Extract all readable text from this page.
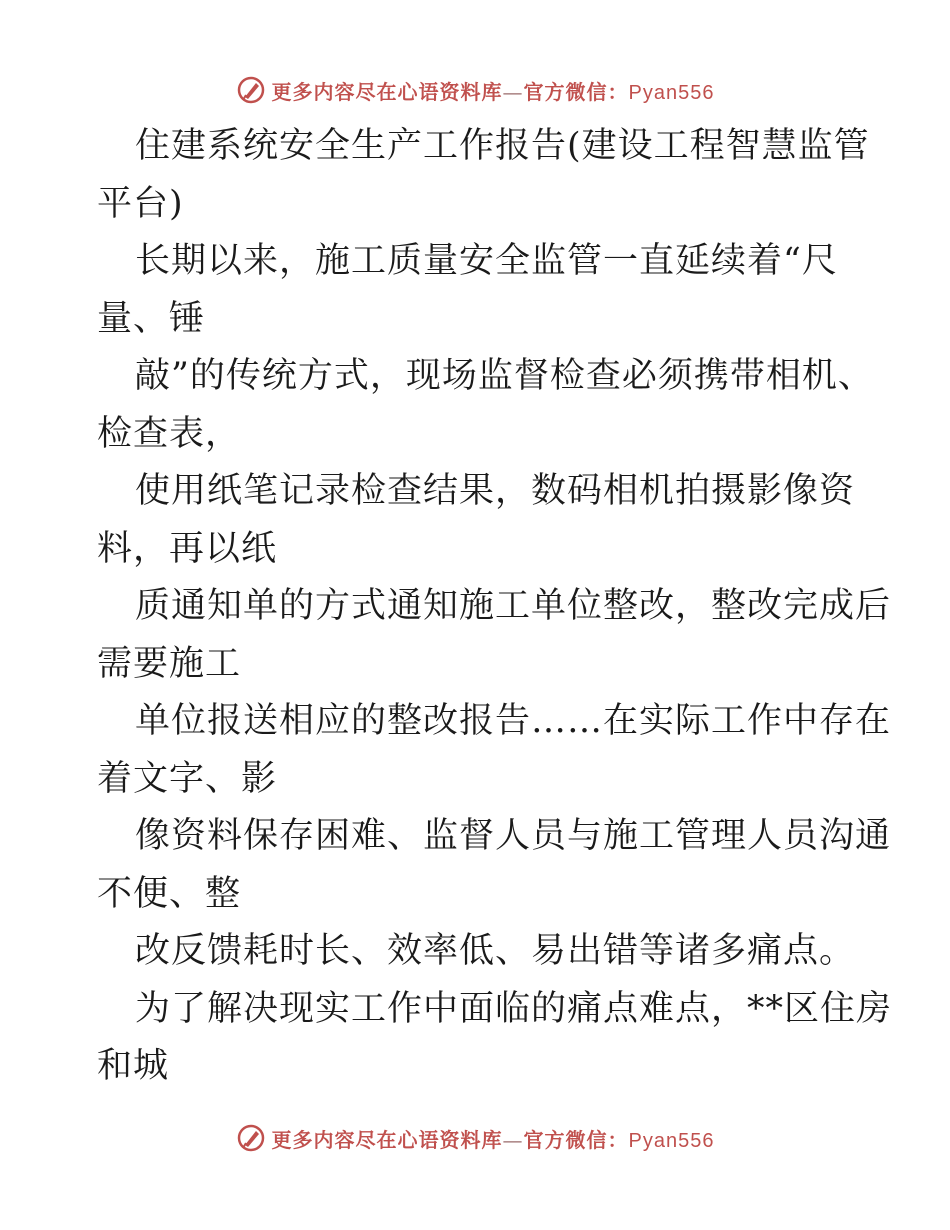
更多内容尽在心语资料库—官方微信：Pyan556
住建系统安全生产工作报告(建设工程智慧监管
平台)
长期以来，施工质量安全监管一直延续着“尺
量、锤
敲”的传统方式，现场监督检查必须携带相机、
检查表，
使用纸笔记录检查结果，数码相机拍摄影像资
料，再以纸
质通知单的方式通知施工单位整改，整改完成后
需要施工
单位报送相应的整改报告……在实际工作中存在
着文字、影
像资料保存困难、监督人员与施工管理人员沟通
不便、整
改反馈耗时长、效率低、易出错等诸多痛点。
为了解决现实工作中面临的痛点难点，**区住房
和城
更多内容尽在心语资料库—官方微信：Pyan556
